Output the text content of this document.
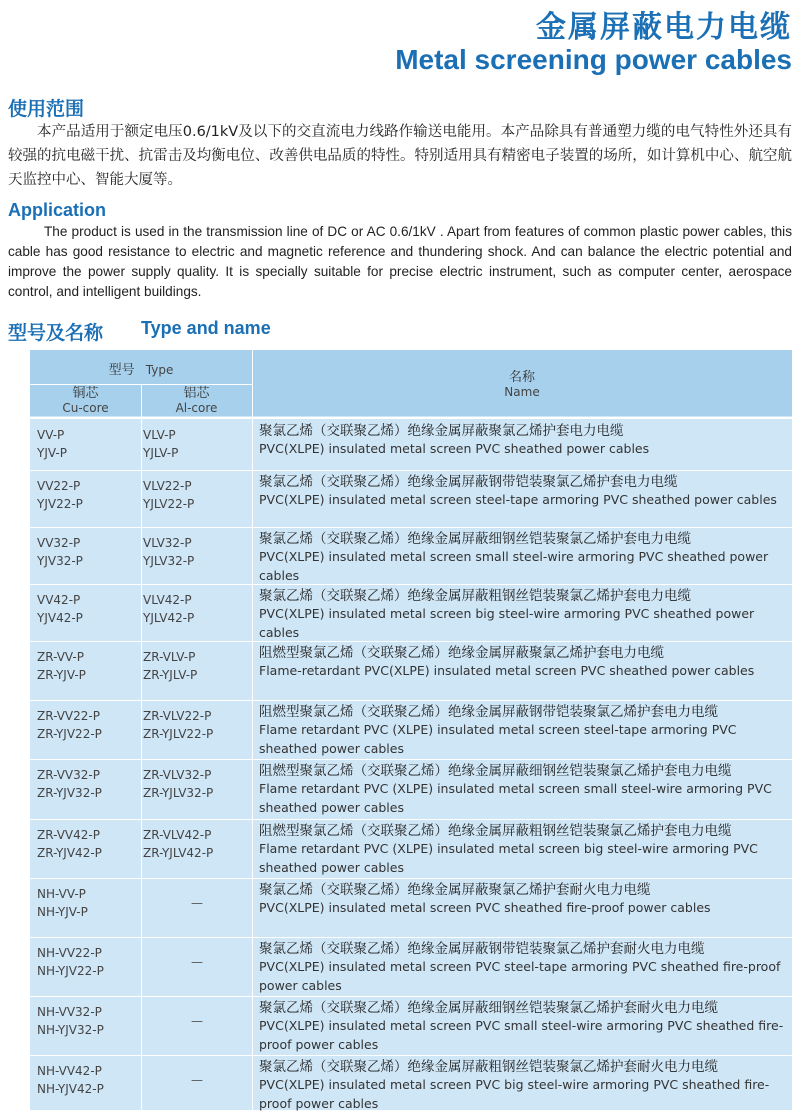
金属屏蔽电力电缆
Metal screening power cables
使用范围
本产品适用于额定电压0.6/1kV及以下的交直流电力线路作输送电能用。本产品除具有普通塑力缆的电气特性外还具有较强的抗电磁干扰、抗雷击及均衡电位、改善供电品质的特性。特别适用具有精密电子装置的场所，如计算机中心、航空航天监控中心、智能大厦等。
Application
The product is used in the transmission line of DC or AC 0.6/1kV . Apart from features of common plastic power cables, this cable has good resistance to electric and magnetic reference and thundering shock. And can balance the electric potential and improve the power supply quality. It is specially suitable for precise electric instrument, such as computer center, aerospace control, and intelligent buildings.
型号及名称 Type and name
型号 Type
铜芯
Cu-core
铝芯
Al-core
名称
Name
VV-P
YJV-P
VLV-P
YJLV-P
聚氯乙烯（交联聚乙烯）绝缘金属屏蔽聚氯乙烯护套电力电缆
PVC(XLPE) insulated metal screen PVC sheathed power cables
VV22-P
YJV22-P
VLV22-P
YJLV22-P
聚氯乙烯（交联聚乙烯）绝缘金属屏蔽钢带铠装聚氯乙烯护套电力电缆
PVC(XLPE) insulated metal screen steel-tape armoring PVC sheathed power cables
VV32-P
YJV32-P
VLV32-P
YJLV32-P
聚氯乙烯（交联聚乙烯）绝缘金属屏蔽细钢丝铠装聚氯乙烯护套电力电缆
PVC(XLPE) insulated metal screen small steel-wire armoring PVC sheathed power cables
VV42-P
YJV42-P
VLV42-P
YJLV42-P
聚氯乙烯（交联聚乙烯）绝缘金属屏蔽粗钢丝铠装聚氯乙烯护套电力电缆
PVC(XLPE) insulated metal screen big steel-wire armoring PVC sheathed power cables
ZR-VV-P
ZR-YJV-P
ZR-VLV-P
ZR-YJLV-P
阻燃型聚氯乙烯（交联聚乙烯）绝缘金属屏蔽聚氯乙烯护套电力电缆
Flame-retardant PVC(XLPE) insulated metal screen PVC sheathed power cables
ZR-VV22-P
ZR-YJV22-P
ZR-VLV22-P
ZR-YJLV22-P
阻燃型聚氯乙烯（交联聚乙烯）绝缘金属屏蔽钢带铠装聚氯乙烯护套电力电缆
Flame retardant PVC (XLPE) insulated metal screen steel-tape armoring PVC sheathed power cables
ZR-VV32-P
ZR-YJV32-P
ZR-VLV32-P
ZR-YJLV32-P
阻燃型聚氯乙烯（交联聚乙烯）绝缘金属屏蔽细钢丝铠装聚氯乙烯护套电力电缆
Flame retardant PVC (XLPE) insulated metal screen small steel-wire armoring PVC sheathed power cables
ZR-VV42-P
ZR-YJV42-P
ZR-VLV42-P
ZR-YJLV42-P
阻燃型聚氯乙烯（交联聚乙烯）绝缘金属屏蔽粗钢丝铠装聚氯乙烯护套电力电缆
Flame retardant PVC (XLPE) insulated metal screen big steel-wire armoring PVC sheathed power cables
NH-VV-P
NH-YJV-P
—
聚氯乙烯（交联聚乙烯）绝缘金属屏蔽聚氯乙烯护套耐火电力电缆
PVC(XLPE) insulated metal screen PVC sheathed fire-proof power cables
NH-VV22-P
NH-YJV22-P
—
聚氯乙烯（交联聚乙烯）绝缘金属屏蔽钢带铠装聚氯乙烯护套耐火电力电缆
PVC(XLPE) insulated metal screen PVC steel-tape armoring PVC sheathed fire-proof power cables
NH-VV32-P
NH-YJV32-P
—
聚氯乙烯（交联聚乙烯）绝缘金属屏蔽细钢丝铠装聚氯乙烯护套耐火电力电缆
PVC(XLPE) insulated metal screen PVC small steel-wire armoring PVC sheathed fire-proof power cables
NH-VV42-P
NH-YJV42-P
—
聚氯乙烯（交联聚乙烯）绝缘金属屏蔽粗钢丝铠装聚氯乙烯护套耐火电力电缆
PVC(XLPE) insulated metal screen PVC big steel-wire armoring PVC sheathed fire-proof power cables
